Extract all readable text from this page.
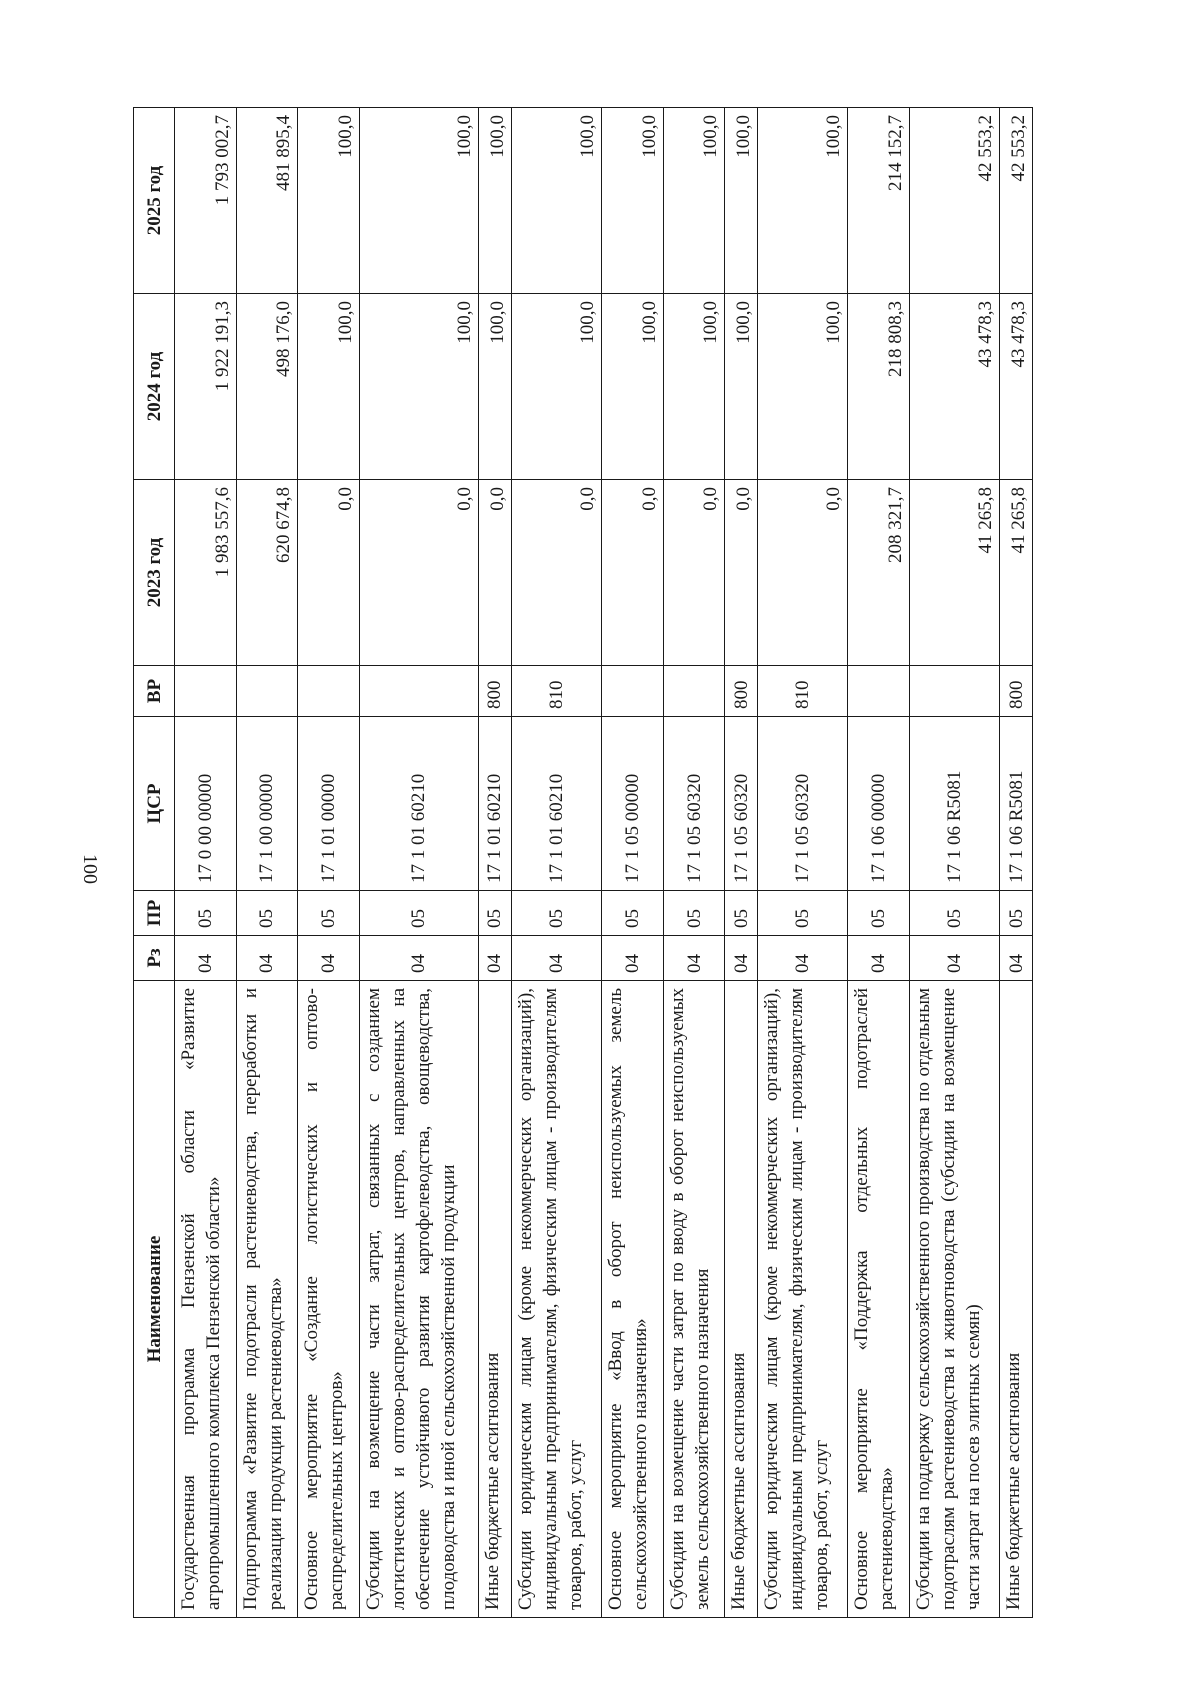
100
Наименование	Рз	ПР	ЦСР	ВР	2023 год	2024 год	2025 год
Государственная программа Пензенской области «Развитие агропромышленного комплекса Пензенской области»	04	05	17 0 00 00000		1 983 557,6	1 922 191,3	1 793 002,7
Подпрограмма «Развитие подотрасли растениеводства, переработки и реализации продукции растениеводства»	04	05	17 1 00 00000		620 674,8	498 176,0	481 895,4
Основное мероприятие «Создание логистических и оптово-распределительных центров»	04	05	17 1 01 00000		0,0	100,0	100,0
Субсидии на возмещение части затрат, связанных с созданием логистических и оптово-распределительных центров, направленных на обеспечение устойчивого развития картофелеводства, овощеводства, плодоводства и иной сельскохозяйственной продукции	04	05	17 1 01 60210		0,0	100,0	100,0
Иные бюджетные ассигнования	04	05	17 1 01 60210	800	0,0	100,0	100,0
Субсидии юридическим лицам (кроме некоммерческих организаций), индивидуальным предпринимателям, физическим лицам - производителям товаров, работ, услуг	04	05	17 1 01 60210	810	0,0	100,0	100,0
Основное мероприятие «Ввод в оборот неиспользуемых земель сельскохозяйственного назначения»	04	05	17 1 05 00000		0,0	100,0	100,0
Субсидии на возмещение части затрат по вводу в оборот неиспользуемых земель сельскохозяйственного назначения	04	05	17 1 05 60320		0,0	100,0	100,0
Иные бюджетные ассигнования	04	05	17 1 05 60320	800	0,0	100,0	100,0
Субсидии юридическим лицам (кроме некоммерческих организаций), индивидуальным предпринимателям, физическим лицам - производителям товаров, работ, услуг	04	05	17 1 05 60320	810	0,0	100,0	100,0
Основное мероприятие «Поддержка отдельных подотраслей растениеводства»	04	05	17 1 06 00000		208 321,7	218 808,3	214 152,7
Субсидии на поддержку сельскохозяйственного производства по отдельным подотраслям растениеводства и животноводства (субсидии на возмещение части затрат на посев элитных семян)	04	05	17 1 06 R5081		41 265,8	43 478,3	42 553,2
Иные бюджетные ассигнования	04	05	17 1 06 R5081	800	41 265,8	43 478,3	42 553,2
